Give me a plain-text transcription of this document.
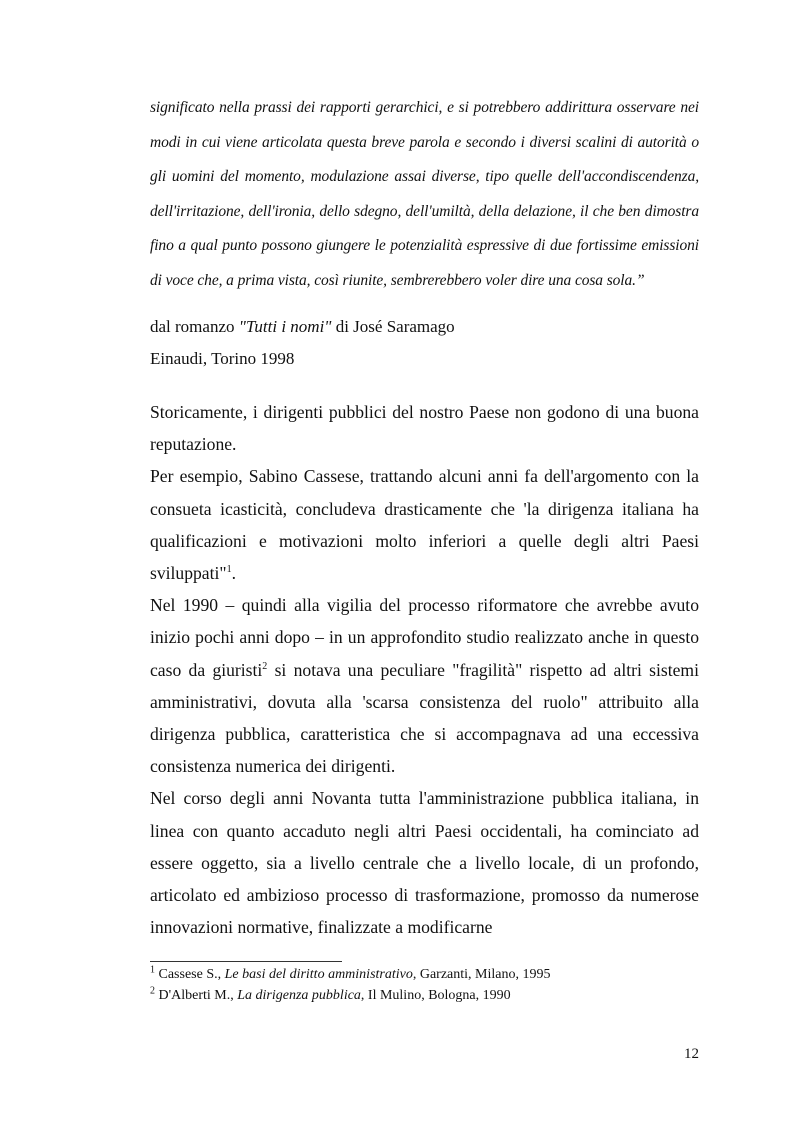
significato nella prassi dei rapporti gerarchici, e si potrebbero addirittura osservare nei modi in cui viene articolata questa breve parola e secondo i diversi scalini di autorità o gli uomini del momento, modulazione assai diverse, tipo quelle dell'accondiscendenza, dell'irritazione, dell'ironia, dello sdegno, dell'umiltà, della delazione, il che ben dimostra fino a qual punto possono giungere le potenzialità espressive di due fortissime emissioni di voce che, a prima vista, così riunite, sembrerebbero voler dire una cosa sola.”

dal romanzo "Tutti i nomi" di José Saramago
Einaudi, Torino 1998

Storicamente, i dirigenti pubblici del nostro Paese non godono di una buona reputazione.

Per esempio, Sabino Cassese, trattando alcuni anni fa dell'argomento con la consueta icasticità, concludeva drasticamente che 'la dirigenza italiana ha qualificazioni e motivazioni molto inferiori a quelle degli altri Paesi sviluppati"$^1$.

Nel 1990 – quindi alla vigilia del processo riformatore che avrebbe avuto inizio pochi anni dopo – in un approfondito studio realizzato anche in questo caso da giuristi$^2$ si notava una peculiare "fragilità" rispetto ad altri sistemi amministrativi, dovuta alla 'scarsa consistenza del ruolo" attribuito alla dirigenza pubblica, caratteristica che si accompagnava ad una eccessiva consistenza numerica dei dirigenti.

Nel corso degli anni Novanta tutta l'amministrazione pubblica italiana, in linea con quanto accaduto negli altri Paesi occidentali, ha cominciato ad essere oggetto, sia a livello centrale che a livello locale, di un profondo, articolato ed ambizioso processo di trasformazione, promosso da numerose innovazioni normative, finalizzate a modificarne

$^1$ Cassese S., Le basi del diritto amministrativo, Garzanti, Milano, 1995
$^2$ D'Alberti M., La dirigenza pubblica, Il Mulino, Bologna, 1990
12
